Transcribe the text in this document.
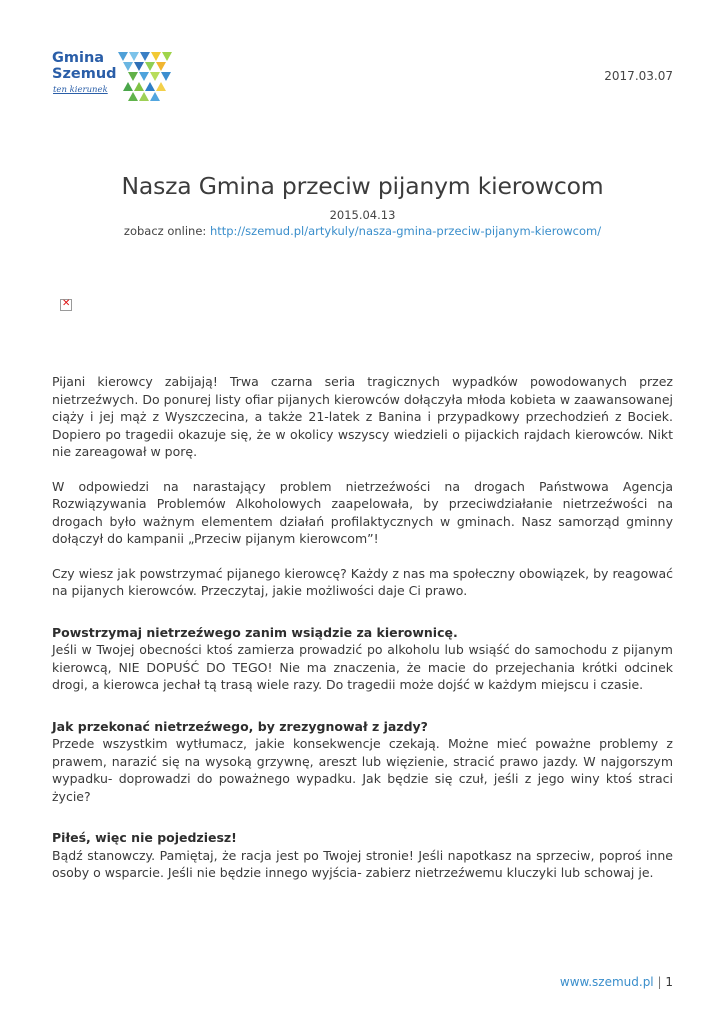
Gmina
Szemud
ten kierunek
2017.03.07
Nasza Gmina przeciw pijanym kierowcom
2015.04.13
zobacz online: http://szemud.pl/artykuly/nasza-gmina-przeciw-pijanym-kierowcom/
✕

Pijani kierowcy zabijają! Trwa czarna seria tragicznych wypadków powodowanych przez nietrzeźwych. Do ponurej listy ofiar pijanych kierowców dołączyła młoda kobieta w zaawansowanej ciąży i jej mąż z Wyszczecina, a także 21-latek z Banina i przypadkowy przechodzień z Bociek. Dopiero po tragedii okazuje się, że w okolicy wszyscy wiedzieli o pijackich rajdach kierowców. Nikt nie zareagował w porę.

W odpowiedzi na narastający problem nietrzeźwości na drogach Państwowa Agencja Rozwiązywania Problemów Alkoholowych zaapelowała, by przeciwdziałanie nietrzeźwości na drogach było ważnym elementem działań profilaktycznych w gminach. Nasz samorząd gminny dołączył do kampanii „Przeciw pijanym kierowcom”!

Czy wiesz jak powstrzymać pijanego kierowcę? Każdy z nas ma społeczny obowiązek, by reagować na pijanych kierowców. Przeczytaj, jakie możliwości daje Ci prawo.

Powstrzymaj nietrzeźwego zanim wsiądzie za kierownicę.

Jeśli w Twojej obecności ktoś zamierza prowadzić po alkoholu lub wsiąść do samochodu z pijanym kierowcą, NIE DOPUŚĆ DO TEGO! Nie ma znaczenia, że macie do przejechania krótki odcinek drogi, a kierowca jechał tą trasą wiele razy. Do tragedii może dojść w każdym miejscu i czasie.

Jak przekonać nietrzeźwego, by zrezygnował z jazdy?

Przede wszystkim wytłumacz, jakie konsekwencje czekają. Możne mieć poważne problemy z prawem, narazić się na wysoką grzywnę, areszt lub więzienie, stracić prawo jazdy. W najgorszym wypadku- doprowadzi do poważnego wypadku. Jak będzie się czuł, jeśli z jego winy ktoś straci życie?

Piłeś, więc nie pojedziesz!

Bądź stanowczy. Pamiętaj, że racja jest po Twojej stronie! Jeśli napotkasz na sprzeciw, poproś inne osoby o wsparcie. Jeśli nie będzie innego wyjścia- zabierz nietrzeźwemu kluczyki lub schowaj je.

www.szemud.pl | 1
